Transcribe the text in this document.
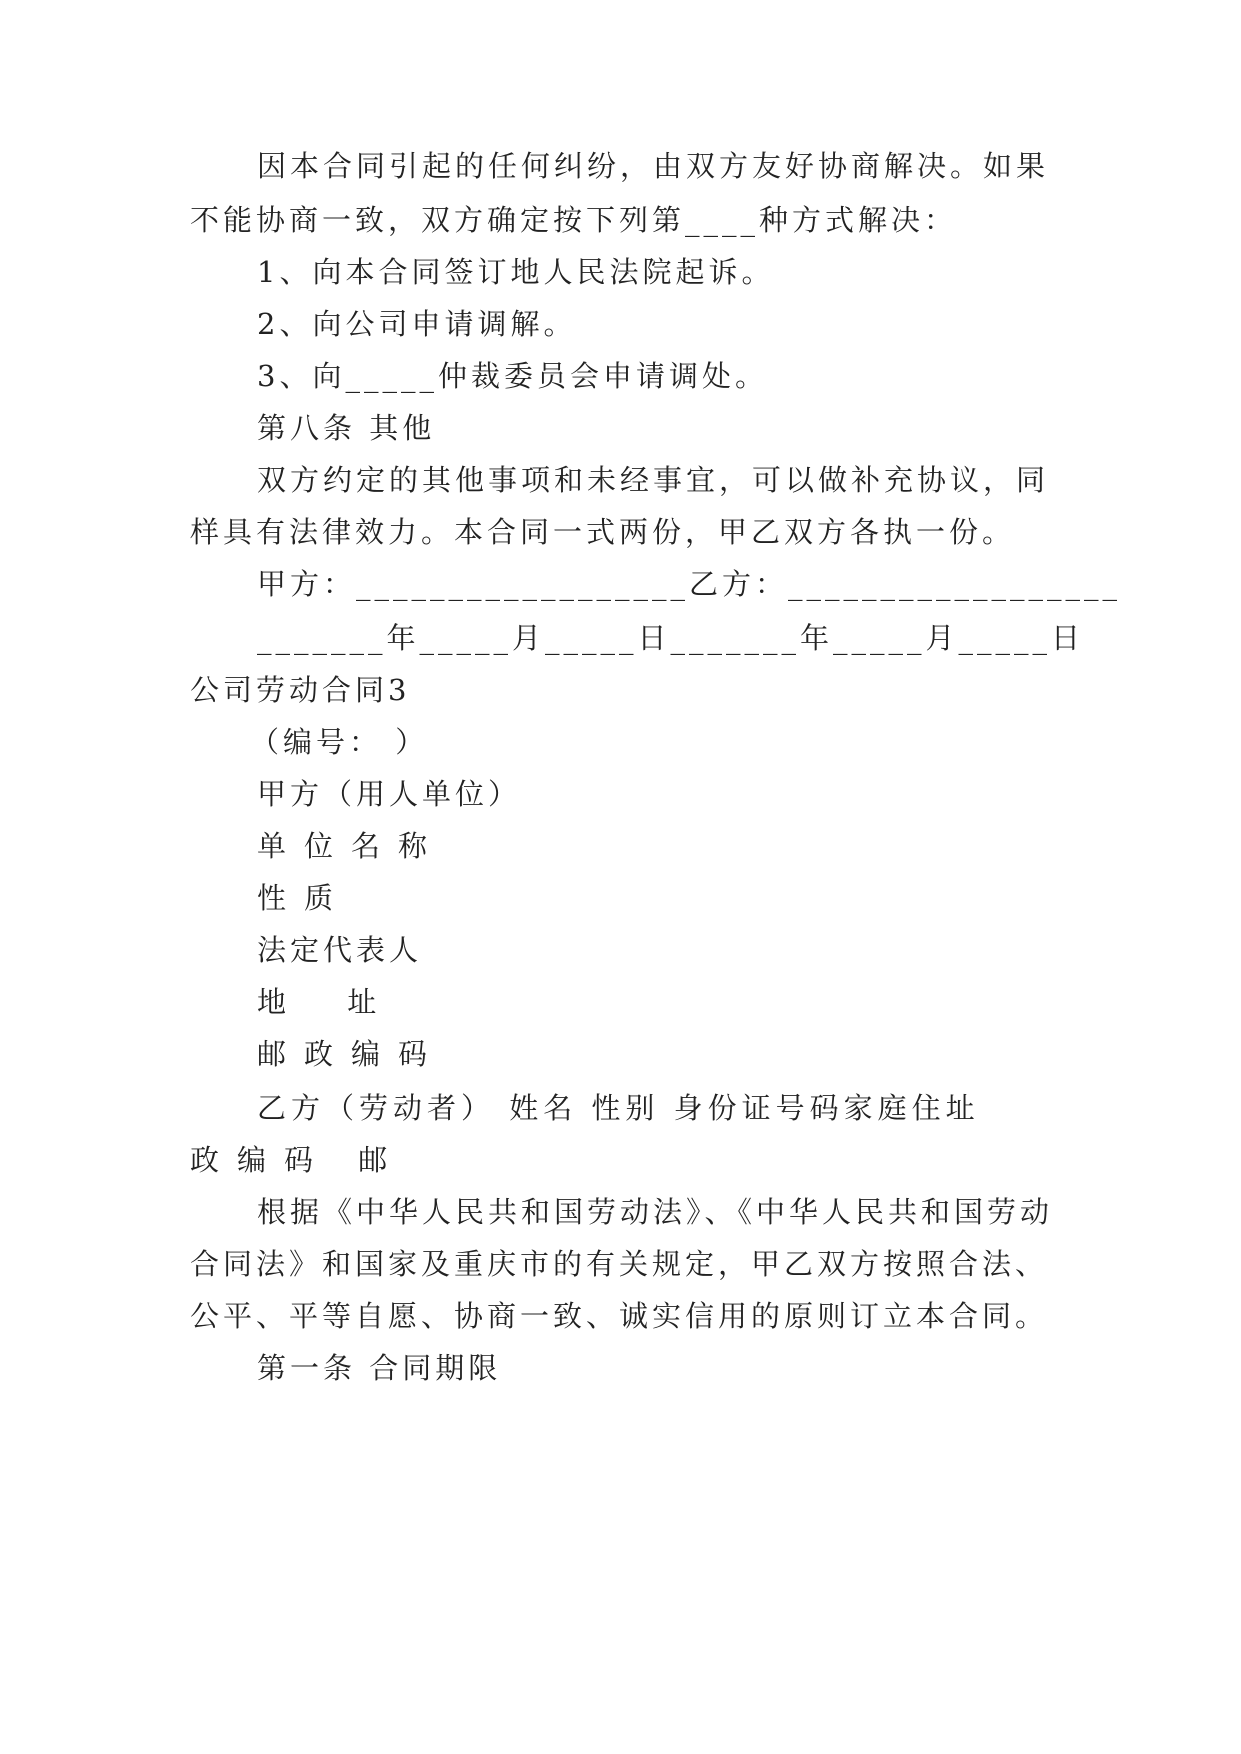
因本合同引起的任何纠纷，由双方友好协商解决。如果
不能协商一致，双方确定按下列第____种方式解决：
1、向本合同签订地人民法院起诉。
2、向公司申请调解。
3、向_____仲裁委员会申请调处。
第八条 其他
双方约定的其他事项和未经事宜，可以做补充协议，同
样具有法律效力。本合同一式两份，甲乙双方各执一份。
甲方：__________________乙方：__________________
_______年_____月_____日_______年_____月_____日
公司劳动合同3
（编号： ）
甲方（用人单位）
单位名称
性质
法定代表人
地 址
邮政编码
乙方（劳动者） 姓名 性别 身份证号码家庭住址
政编码 邮
根据《中华人民共和国劳动法》、《中华人民共和国劳动
合同法》和国家及重庆市的有关规定，甲乙双方按照合法、
公平、平等自愿、协商一致、诚实信用的原则订立本合同。
第一条 合同期限
